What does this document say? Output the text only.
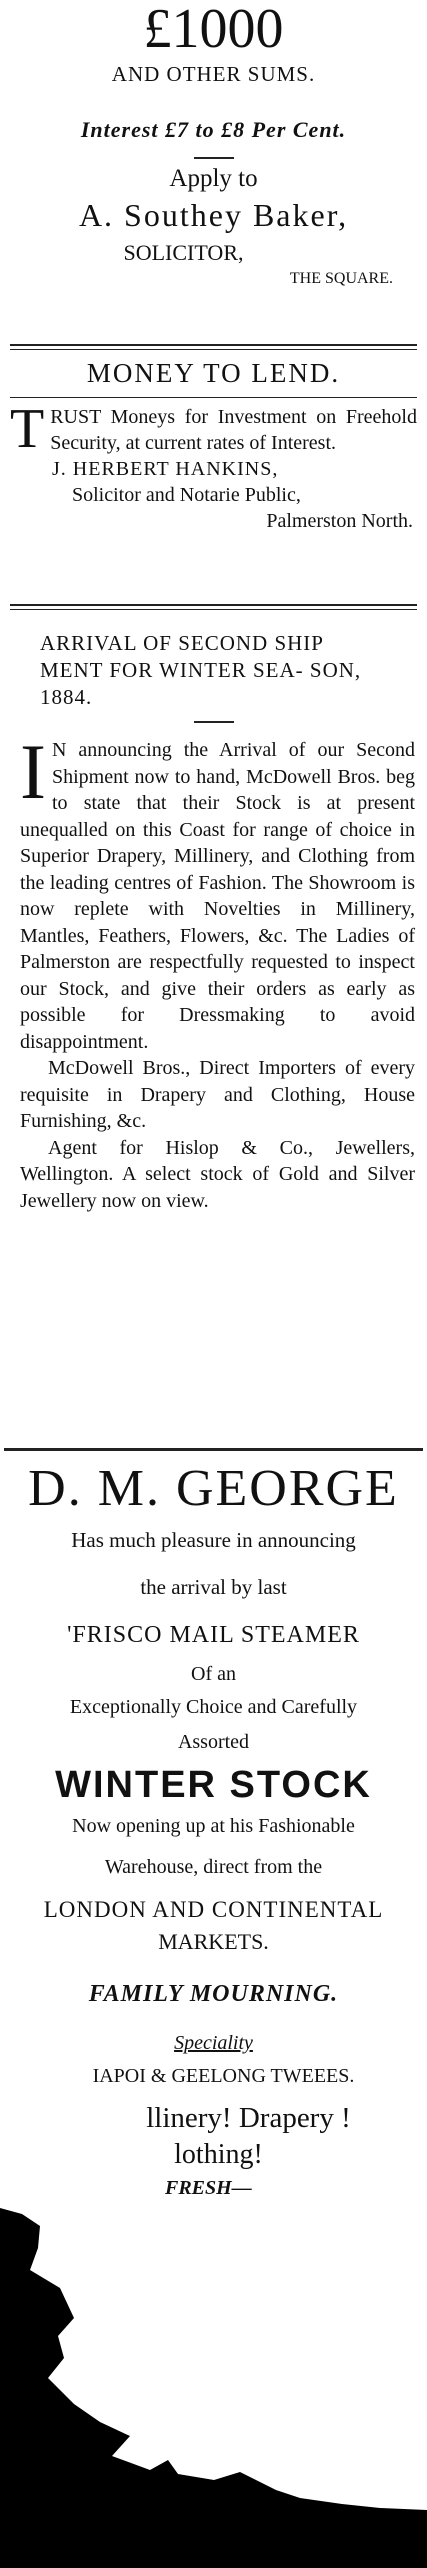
£1000

AND OTHER SUMS.

Interest £7 to £8 Per Cent.

Apply to

A. Southey Baker,

SOLICITOR,

THE SQUARE.

MONEY TO LEND.

T RUST Moneys for Investment on Freehold Security, at current rates of Interest.

J. HERBERT HANKINS,

Solicitor and Notarie Public,

Palmerston North.

ARRIVAL OF SECOND SHIP MENT FOR WINTER SEA- SON, 1884.

I N announcing the Arrival of our Second Shipment now to hand, McDowell Bros. beg to state that their Stock is at present unequalled on this Coast for range of choice in Superior Drapery, Millinery, and Clothing from the leading centres of Fashion. The Showroom is now replete with Novelties in Millinery, Mantles, Feathers, Flowers, &c. The Ladies of Palmerston are respectfully requested to inspect our Stock, and give their orders as early as possible for Dressmaking to avoid disappointment.

McDowell Bros., Direct Importers of every requisite in Drapery and Clothing, House Furnishing, &c.

Agent for Hislop & Co., Jewellers, Wellington. A select stock of Gold and Silver Jewellery now on view.

D. M. GEORGE

Has much pleasure in announcing

the arrival by last

'FRISCO MAIL STEAMER

Of an

Exceptionally Choice and Carefully

Assorted

WINTER STOCK

Now opening up at his Fashionable

Warehouse, direct from the

LONDON AND CONTINENTAL

MARKETS.

FAMILY MOURNING.

Speciality

IAPOI & GEELONG TWEEES.

llinery! Drapery !

lothing!

FRESH—
